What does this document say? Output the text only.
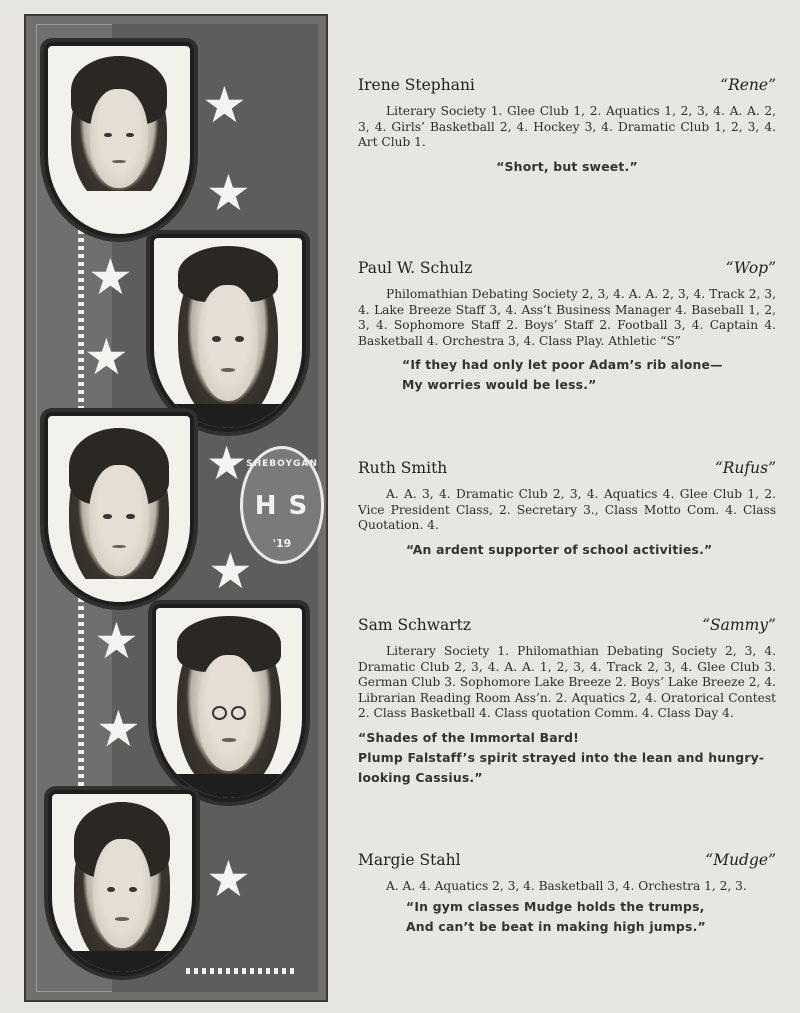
★
★
★
★
★
★
★
★
★
SHEBOYGAN
HS
'19
Irene Stephani	“Rene”
Literary Society 1. Glee Club 1, 2. Aquatics 1, 2, 3, 4. A. A. 2, 3, 4. Girls’ Basketball 2, 4. Hockey 3, 4. Dramatic Club 1, 2, 3, 4. Art Club 1.
“Short, but sweet.”
Paul W. Schulz	“Wop”
Philomathian Debating Society 2, 3, 4. A. A. 2, 3, 4. Track 2, 3, 4. Lake Breeze Staff 3, 4. Ass’t Business Manager 4. Baseball 1, 2, 3, 4. Sophomore Staff 2. Boys’ Staff 2. Football 3, 4. Captain 4. Basketball 4. Orchestra 3, 4. Class Play. Athletic “S”
“If they had only let poor Adam’s rib alone—
My worries would be less.”
Ruth Smith	“Rufus”
A. A. 3, 4. Dramatic Club 2, 3, 4. Aquatics 4. Glee Club 1, 2. Vice President Class, 2. Secretary 3., Class Motto Com. 4. Class Quotation. 4.
“An ardent supporter of school activities.”
Sam Schwartz	“Sammy”
Literary Society 1. Philomathian Debating Society 2, 3, 4. Dramatic Club 2, 3, 4. A. A. 1, 2, 3, 4. Track 2, 3, 4. Glee Club 3. German Club 3. Sophomore Lake Breeze 2. Boys’ Lake Breeze 2, 4. Librarian Reading Room Ass’n. 2. Aquatics 2, 4. Oratorical Contest 2. Class Basketball 4. Class quotation Comm. 4. Class Day 4.
“Shades of the Immortal Bard!
Plump Falstaff’s spirit strayed into the lean and hungry-looking Cassius.”
Margie Stahl	“Mudge”
A. A. 4. Aquatics 2, 3, 4. Basketball 3, 4. Orchestra 1, 2, 3.
“In gym classes Mudge holds the trumps,
And can’t be beat in making high jumps.”
